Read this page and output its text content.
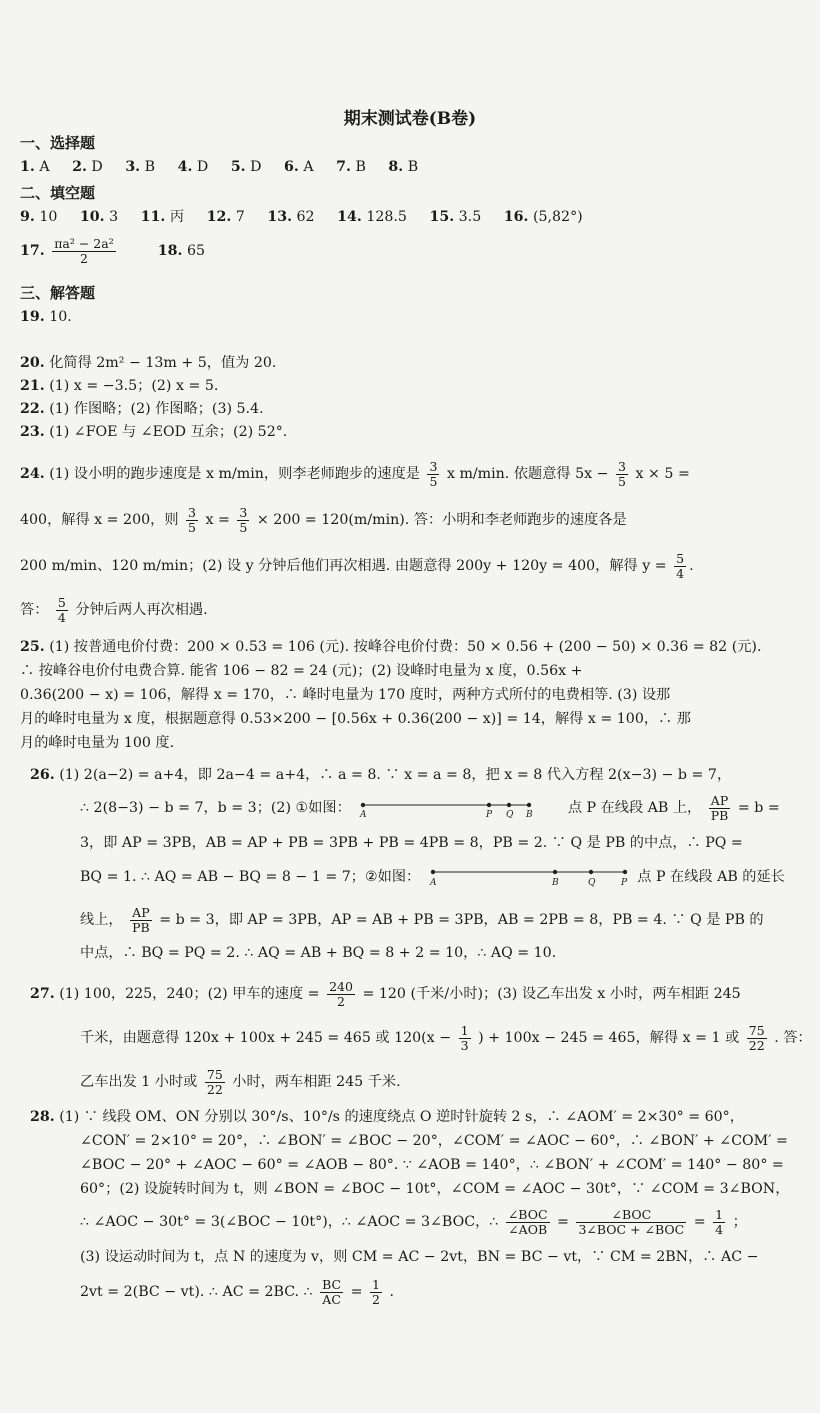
期末测试卷(B卷)
一、选择题
1. A 2. D 3. B 4. D 5. D 6. A 7. B 8. B
二、填空题
9. 10 10. 3 11. 丙 12. 7 13. 62 14. 128.5 15. 3.5 16. (5,82°)
17. $\frac{\text{πa² − 2a²}}{2}$	18. 65
三、解答题
19. 10.
20. 化简得 2m² − 13m + 5，值为 20.
21. (1) x = −3.5；(2) x = 5.
22. (1) 作图略；(2) 作图略；(3) 5.4.
23. (1) ∠FOE 与 ∠EOD 互余；(2) 52°.
24. (1) 设小明的跑步速度是 x m/min，则李老师跑步的速度是 $\frac{3}{5}$ x m/min. 依题意得 $5x - \frac{3}{5}$ x × 5 =
400，解得 x = 200，则 $\frac{3}{5}$ $x = \frac{3}{5} \times 200 = 120(m/\min)$. 答：小明和李老师跑步的速度各是
200 m/min、120 m/min；(2) 设 y 分钟后他们再次相遇. 由题意得 200y + 120y = 400，解得 $y = \frac{5}{4}$ .
答： $\frac{5}{4}$ 分钟后两人再次相遇.
25. (1) 按普通电价付费：200 × 0.53 = 106 (元). 按峰谷电价付费：50 × 0.56 + (200 − 50) × 0.36 = 82 (元).
∴ 按峰谷电价付电费合算. 能省 106 − 82 = 24 (元)；(2) 设峰时电量为 x 度，0.56x +
0.36(200 − x) = 106，解得 x = 170，∴ 峰时电量为 170 度时，两种方式所付的电费相等. (3) 设那
月的峰时电量为 x 度，根据题意得 0.53×200 − [0.56x + 0.36(200 − x)] = 14，解得 x = 100，∴ 那
月的峰时电量为 100 度.
26. (1) 2(a−2) = a+4，即 2a−4 = a+4，∴ a = 8. ∵ x = a = 8，把 x = 8 代入方程 2(x−3) − b = 7，
∴ 2(8−3) − b = 7，b = 3；(2) ①如图： A	P Q B 点 P 在线段 AB 上， $\frac{AP}{PB} = b$ =
3，即 AP = 3PB，AB = AP + PB = 3PB + PB = 4PB = 8，PB = 2. ∵ Q 是 PB 的中点，∴ PQ =
BQ = 1. ∴ AQ = AB − BQ = 8 − 1 = 7；②如图： A	B	Q	P 点 P 在线段 AB 的延长
线上， $\frac{AP}{PB} = b = 3$，即 AP = 3PB，AP = AB + PB = 3PB，AB = 2PB = 8，PB = 4. ∵ Q 是 PB 的
中点，∴ BQ = PQ = 2. ∴ AQ = AB + BQ = 8 + 2 = 10，∴ AQ = 10.
27. (1) 100，225，240；(2) 甲车的速度 = $\frac{240}{2} = 120$ (千米/小时)；(3) 设乙车出发 x 小时，两车相距 245
千米，由题意得 120x + 100x + 245 = 465 或 $120(x - \frac{1}{3}$ ) + 100x − 245 = 465，解得 x = 1 或 $\frac{75}{22}$ . 答：
乙车出发 1 小时或 $\frac{75}{22}$ 小时，两车相距 245 千米.
28. (1) ∵ 线段 OM、ON 分别以 30°/s、10°/s 的速度绕点 O 逆时针旋转 2 s，∴ ∠AOM′ = 2×30° = 60°，
∠CON′ = 2×10° = 20°，∴ ∠BON′ = ∠BOC − 20°，∠COM′ = ∠AOC − 60°，∴ ∠BON′ + ∠COM′ =
∠BOC − 20° + ∠AOC − 60° = ∠AOB − 80°. ∵ ∠AOB = 140°，∴ ∠BON′ + ∠COM′ = 140° − 80° =
60°；(2) 设旋转时间为 t，则 ∠BON = ∠BOC − 10t°，∠COM = ∠AOC − 30t°，∵ ∠COM = 3∠BON，
∴ ∠AOC − 30t° = 3(∠BOC − 10t°)，∴ ∠AOC = 3∠BOC，∴ $\frac{\text{∠BOC}}{\text{∠AOB}} = \frac{\text{∠BOC}}{\text{3∠BOC + ∠BOC}} = \frac{1}{4}$ ；
(3) 设运动时间为 t，点 N 的速度为 v，则 CM = AC − 2vt，BN = BC − vt，∵ CM = 2BN，∴ AC −
2vt = 2(BC − vt). ∴ AC = 2BC. ∴ $\frac{BC}{AC} = \frac{1}{2}$ .
